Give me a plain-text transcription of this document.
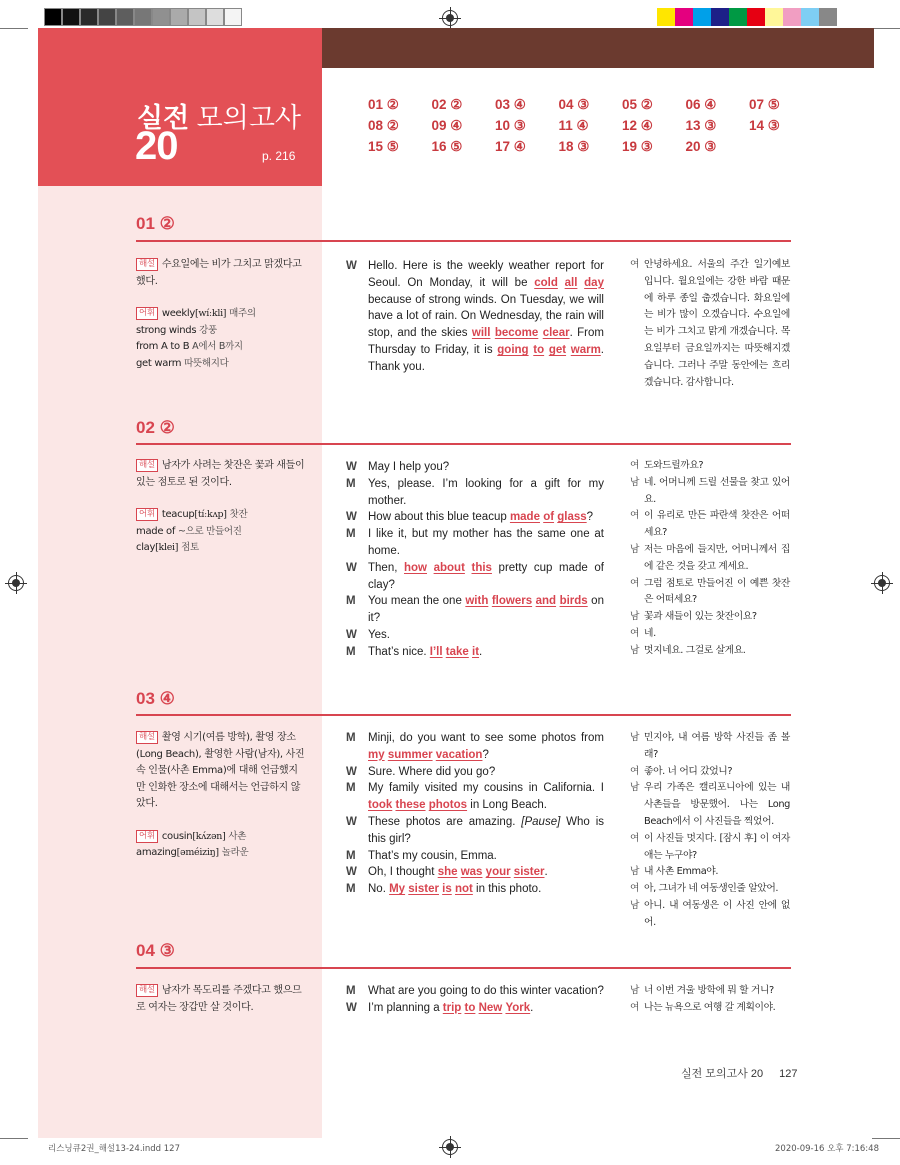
실전 모의고사
20	p. 216
01 ②	02 ②	03 ④	04 ③	05 ②	06 ④	07 ⑤
08 ②	09 ④	10 ③	11 ④	12 ④	13 ③	14 ③
15 ⑤	16 ⑤	17 ④	18 ③	19 ③	20 ③
01 ②
해설 수요일에는 비가 그치고 맑겠다고 했다.
어휘 weekly[wíːkli] 매주의
strong winds 강풍
from A to B A에서 B까지
get warm 따뜻해지다
W Hello. Here is the weekly weather report for Seoul. On Monday, it will be cold all day because of strong winds. On Tuesday, we will have a lot of rain. On Wednesday, the rain will stop, and the skies will become clear. From Thursday to Friday, it is going to get warm. Thank you.
여 안녕하세요. 서울의 주간 일기예보입니다. 월요일에는 강한 바람 때문에 하루 종일 춥겠습니다. 화요일에는 비가 많이 오겠습니다. 수요일에는 비가 그치고 맑게 개겠습니다. 목요일부터 금요일까지는 따뜻해지겠습니다. 그러나 주말 동안에는 흐리겠습니다. 감사합니다.
02 ②
해설 남자가 사려는 찻잔은 꽃과 새들이 있는 점토로 된 것이다.
어휘 teacup[tíːkʌp] 찻잔
made of ~으로 만들어진
clay[klei] 점토
W May I help you?
M	Yes, please. I’m looking for a gift for my mother.
W How about this blue teacup made of glass?
M	I like it, but my mother has the same one at home.
W Then, how about this pretty cup made of clay?
M	You mean the one with flowers and birds on it?
W Yes.
M	That’s nice. I’ll take it.
여 도와드릴까요?
남 네. 어머니께 드릴 선물을 찾고 있어요.
여 이 유리로 만든 파란색 찻잔은 어떠세요?
남 저는 마음에 들지만, 어머니께서 집에 같은 것을 갖고 계세요.
여 그럼 점토로 만들어진 이 예쁜 찻잔은 어떠세요?
남 꽃과 새들이 있는 찻잔이요?
여 네.
남 멋지네요. 그걸로 살게요.
03 ④
해설 촬영 시기(여름 방학), 촬영 장소(Long Beach), 촬영한 사람(남자), 사진 속 인물(사촌 Emma)에 대해 언급했지만 인화한 장소에 대해서는 언급하지 않았다.
어휘 cousin[kʌ́zən] 사촌
amazing[əméiziŋ] 놀라운
M	Minji, do you want to see some photos from my summer vacation?
W Sure. Where did you go?
M	My family visited my cousins in California. I took these photos in Long Beach.
W These photos are amazing. [Pause] Who is this girl?
M	That’s my cousin, Emma.
W Oh, I thought she was your sister.
M	No. My sister is not in this photo.
남 민지야, 내 여름 방학 사진들 좀 볼래?
여 좋아. 너 어디 갔었니?
남 우리 가족은 캘리포니아에 있는 내 사촌들을 방문했어. 나는 Long Beach에서 이 사진들을 찍었어.
여 이 사진들 멋지다. [잠시 후] 이 여자애는 누구야?
남 내 사촌 Emma야.
여 아, 그녀가 네 여동생인줄 알았어.
남 아니. 내 여동생은 이 사진 안에 없어.
04 ③
해설 남자가 목도리를 주겠다고 했으므로 여자는 장갑만 살 것이다.
M	What are you going to do this winter vacation?
W I’m planning a trip to New York.
남 너 이번 겨울 방학에 뭐 할 거니?
여 나는 뉴욕으로 여행 갈 계획이야.
실전 모의고사 20 127
리스닝큐2권_해설13-24.indd 127	2020-09-16 오후 7:16:48
